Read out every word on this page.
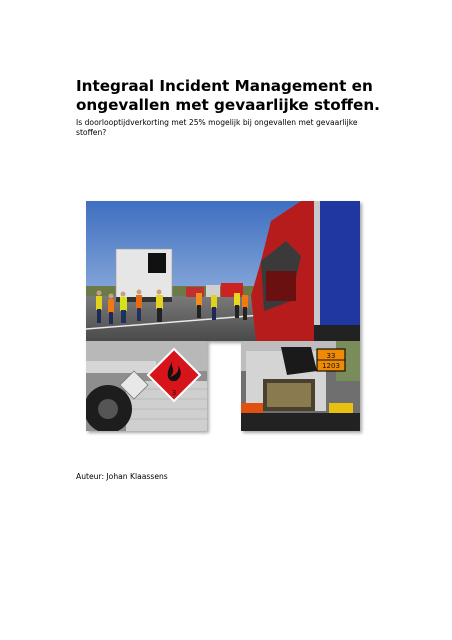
Integraal Incident Management en ongevallen met gevaarlijke stoffen.

Is doorlooptijdverkorting met 25% mogelijk bij ongevallen met gevaarlijke stoffen?

3
33
1203

Auteur: Johan Klaassens
